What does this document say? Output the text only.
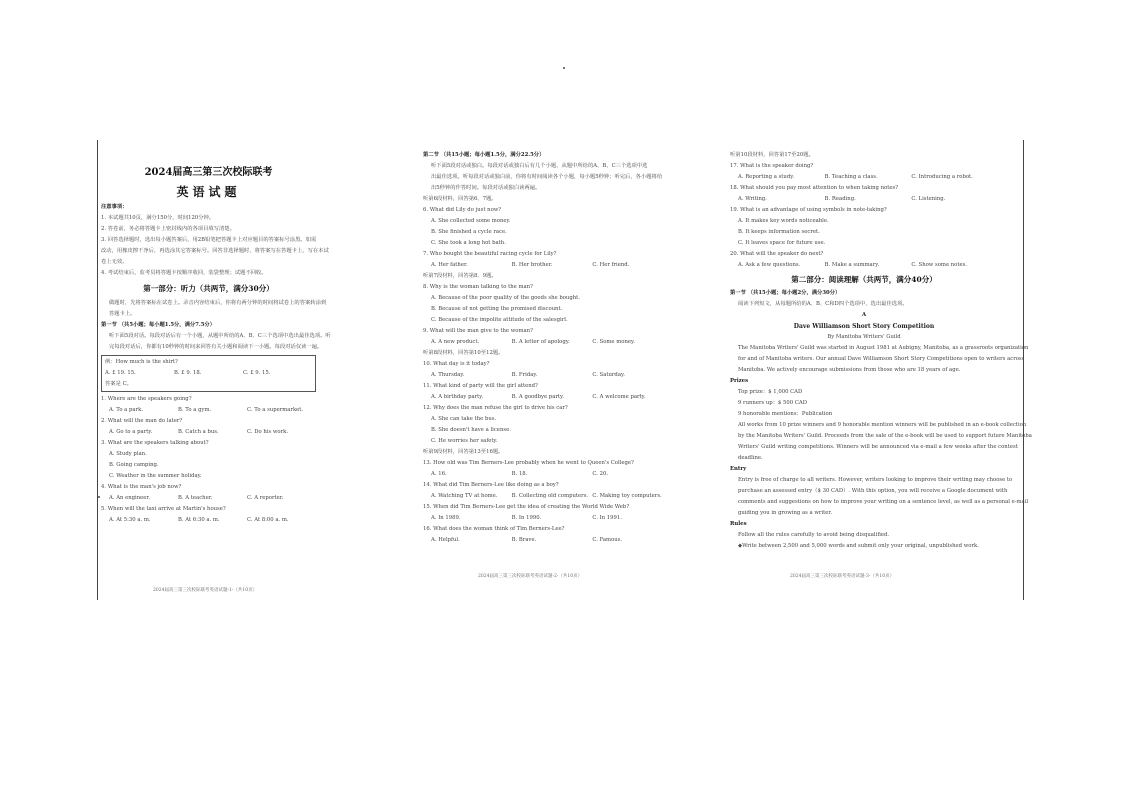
2024届高三第三次校际联考
英语试题
注意事项：
1. 本试题共10页，满分150分，时间120分钟。
2. 答卷前，务必将答题卡上密封线内的各项目填写清楚。
3. 回答选择题时，选出每小题答案后，用2B铅笔把答题卡上对应题目的答案标号涂黑。如需
改动，用橡皮擦干净后，再选涂其它答案标号。回答非选择题时，将答案写在答题卡上，写在本试
卷上无效。
4. 考试结束后，监考员将答题卡按顺序收回，装袋整理；试题不回收。
第一部分：听力（共两节，满分30分）
做题时，先将答案标在试卷上。录音内容结束后，你将有两分钟的时间将试卷上的答案转涂到
答题卡上。
第一节 （共5小题；每小题1.5分，满分7.5分）
听下面5段对话。每段对话后有一个小题，从题中所给的A、B、C三个选项中选出最佳选项。听
完每段对话后，你都有10秒钟的时间来回答有关小题和阅读下一小题。每段对话仅读一遍。
例：How much is the shirt?
A. £ 19. 15.	B. £ 9. 18.	C. £ 9. 15.
答案是 C。
1. Where are the speakers going?
A. To a park.	B. To a gym.	C. To a supermarket.
2. What will the man do later?
A. Go to a party.	B. Catch a bus.	C. Do his work.
3. What are the speakers talking about?
A. Study plan.
B. Going camping.
C. Weather in the summer holiday.
4. What is the man's job now?
A. An engineer.	B. A teacher.	C. A reporter.
5. When will the taxi arrive at Martin's house?
A. At 5:30 a. m.	B. At 6:30 a. m.	C. At 8:00 a. m.
2024届高三第三次校际联考英语试题-1-（共10页）
第二节 （共15小题；每小题1.5分，满分22.5分）
听下面5段对话或独白。每段对话或独白后有几个小题，从题中所给的A、B、C三个选项中选
出最佳选项。听每段对话或独白前，你将有时间阅读各个小题，每小题5秒钟；听完后，各小题将给
出5秒钟的作答时间。每段对话或独白读两遍。
听第6段材料，回答第6、7题。
6. What did Lily do just now?
A. She collected some money.
B. She finished a cycle race.
C. She took a long hot bath.
7. Who bought the beautiful racing cycle for Lily?
A. Her father.	B. Her brother.	C. Her friend.
听第7段材料，回答第8、9题。
8. Why is the woman talking to the man?
A. Because of the poor quality of the goods she bought.
B. Because of not getting the promised discount.
C. Because of the impolite attitude of the salesgirl.
9. What will the man give to the woman?
A. A new product.	B. A letter of apology.	C. Some money.
听第8段材料，回答第10至12题。
10. What day is it today?
A. Thursday.	B. Friday.	C. Saturday.
11. What kind of party will the girl attend?
A. A birthday party.	B. A goodbye party.	C. A welcome party.
12. Why does the man refuse the girl to drive his car?
A. She can take the bus.
B. She doesn't have a license.
C. He worries her safety.
听第9段材料，回答第13至16题。
13. How old was Tim Berners-Lee probably when he went to Queen's College?
A. 16.	B. 18.	C. 20.
14. What did Tim Berners-Lee like doing as a boy?
A. Watching TV at home.	B. Collecting old computers. C. Making toy computers.
15. When did Tim Berners-Lee get the idea of creating the World Wide Web?
A. In 1989.	B. In 1990.	C. In 1991.
16. What does the woman think of Tim Berners-Lee?
A. Helpful.	B. Brave.	C. Famous.
2024届高三第三次校际联考英语试题-2-（共10页）
听第10段材料，回答第17至20题。
17. What is the speaker doing?
A. Reporting a study.	B. Teaching a class.	C. Introducing a robot.
18. What should you pay most attention to when taking notes?
A. Writing.	B. Reading.	C. Listening.
19. What is an advantage of using symbols in note-taking?
A. It makes key words noticeable.
B. It keeps information secret.
C. It leaves space for future use.
20. What will the speaker do next?
A. Ask a few questions.	B. Make a summary.	C. Show some notes.
第二部分：阅读理解（共两节，满分40分）
第一节 （共15小题；每小题2分，满分30分）
阅读下列短文，从每题所给的A、B、C和D四个选项中，选出最佳选项。
A
Dave Williamson Short Story Competition
By Manitoba Writers' Guild
The Manitoba Writers' Guild was started in August 1981 at Aubigny, Manitoba, as a grassroots organization
for and of Manitoba writers. Our annual Dave Williamson Short Story Competitions open to writers across
Manitoba. We actively encourage submissions from those who are 18 years of age.
Prizes
Top prize：$ 1,000 CAD
9 runners up：$ 500 CAD
9 honorable mentions：Publication
All works from 10 prize winners and 9 honorable mention winners will be published in an e-book collection
by the Manitoba Writers' Guild. Proceeds from the sale of the e-book will be used to support future Manitoba
Writers' Guild writing competitions. Winners will be announced via e-mail a few weeks after the contest
deadline.
Entry
Entry is free of charge to all writers. However, writers looking to improve their writing may choose to
purchase an assessed entry（$ 30 CAD）. With this option, you will receive a Google document with
comments and suggestions on how to improve your writing on a sentence level, as well as a personal e-mail
guiding you in growing as a writer.
Rules
Follow all the rules carefully to avoid being disqualified.
◆Write between 2,500 and 5,000 words and submit only your original, unpublished work.
2024届高三第三次校际联考英语试题-3-（共10页）
